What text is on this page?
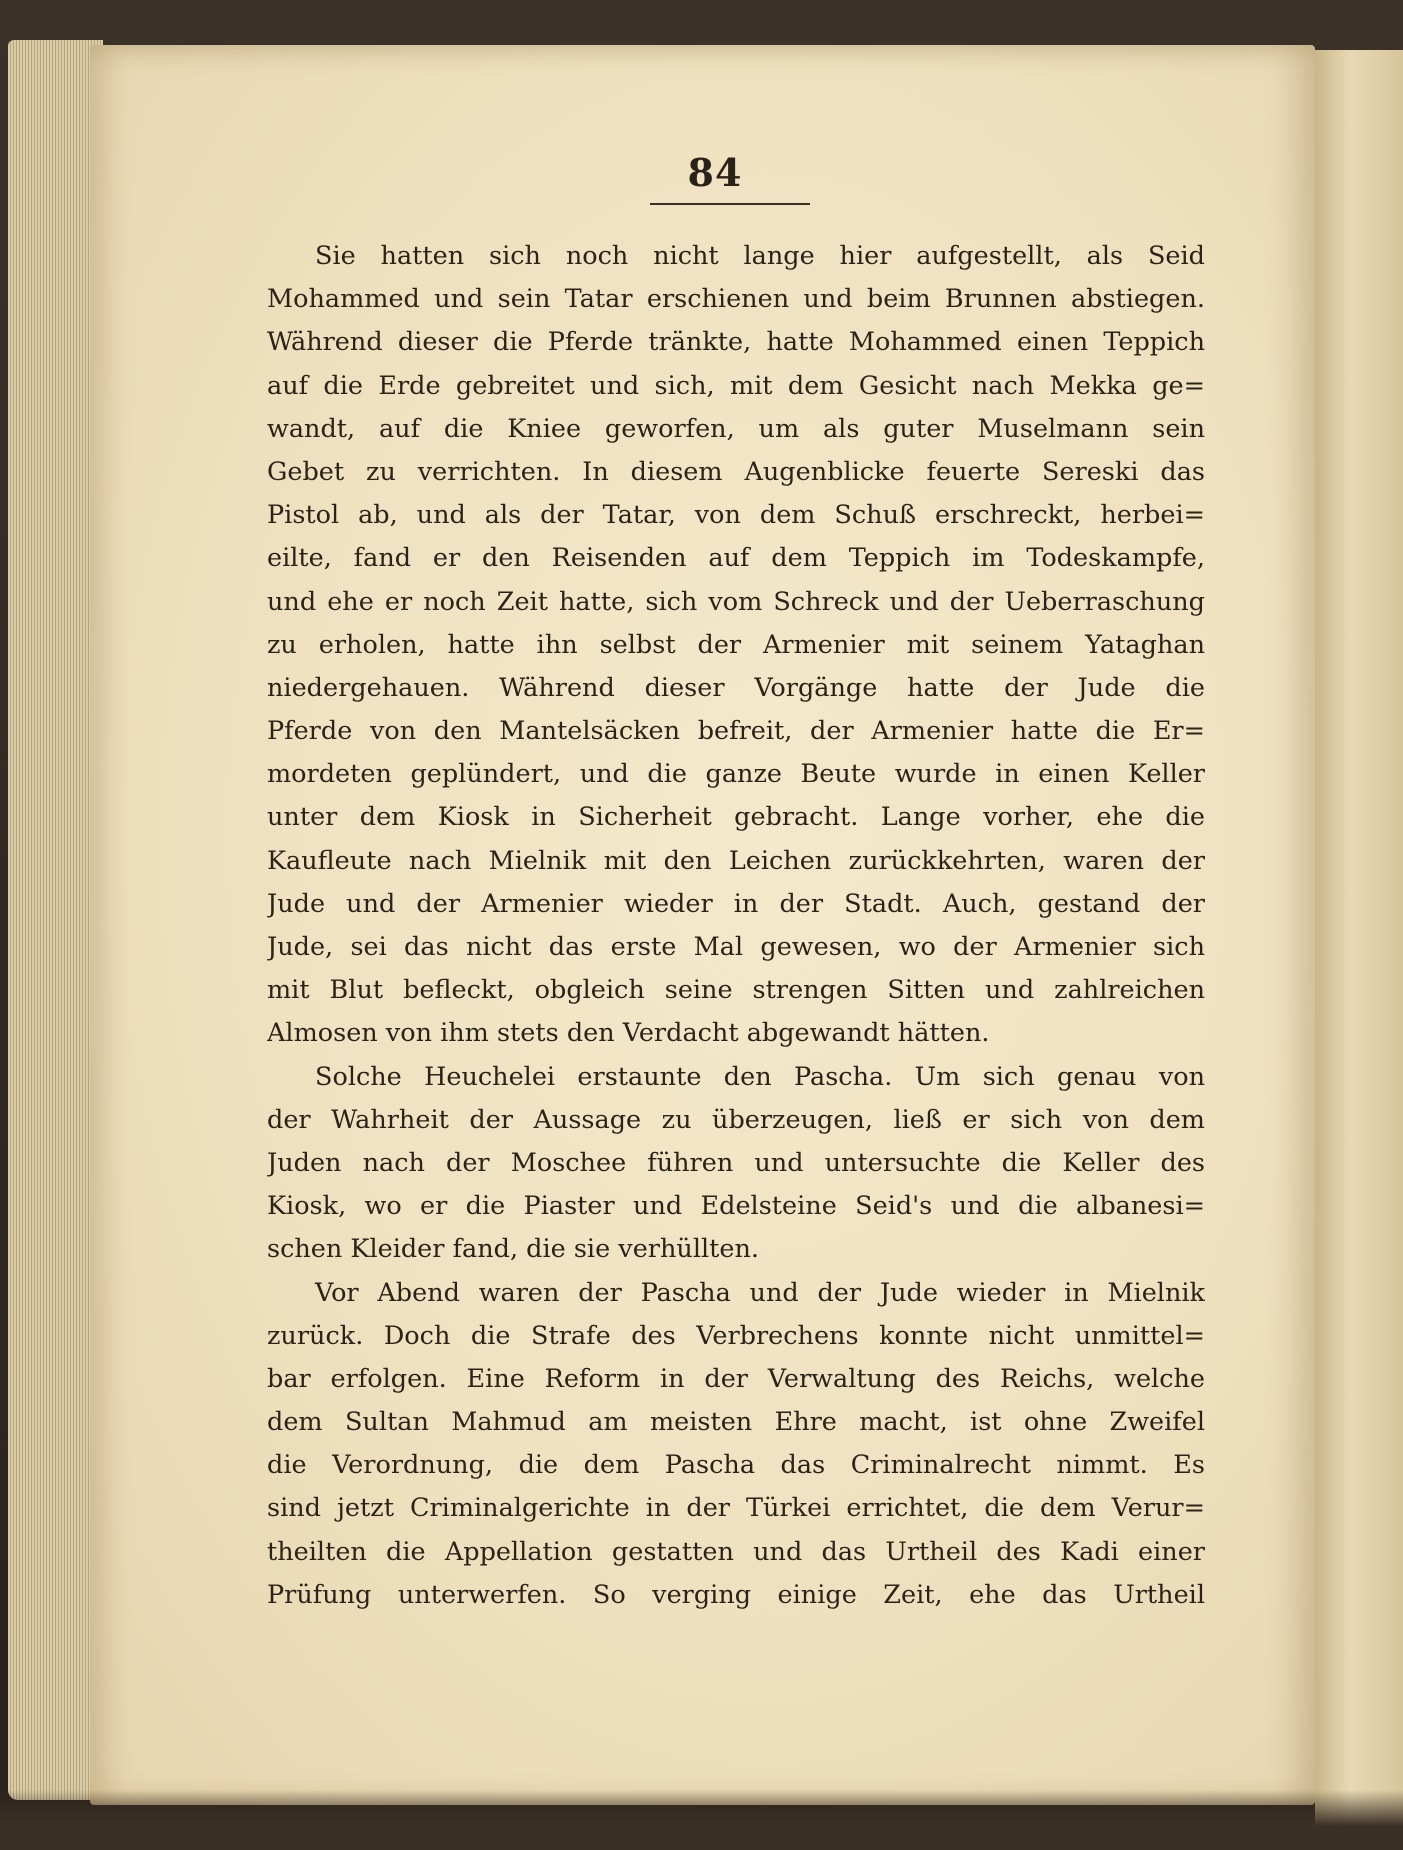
84
Sie hatten sich noch nicht lange hier aufgestellt, als Seid
Mohammed und sein Tatar erschienen und beim Brunnen abstiegen.
Während dieser die Pferde tränkte, hatte Mohammed einen Teppich
auf die Erde gebreitet und sich, mit dem Gesicht nach Mekka ge=
wandt, auf die Kniee geworfen, um als guter Muselmann sein
Gebet zu verrichten. In diesem Augenblicke feuerte Sereski das
Pistol ab, und als der Tatar, von dem Schuß erschreckt, herbei=
eilte, fand er den Reisenden auf dem Teppich im Todeskampfe,
und ehe er noch Zeit hatte, sich vom Schreck und der Ueberraschung
zu erholen, hatte ihn selbst der Armenier mit seinem Yataghan
niedergehauen. Während dieser Vorgänge hatte der Jude die
Pferde von den Mantelsäcken befreit, der Armenier hatte die Er=
mordeten geplündert, und die ganze Beute wurde in einen Keller
unter dem Kiosk in Sicherheit gebracht. Lange vorher, ehe die
Kaufleute nach Mielnik mit den Leichen zurückkehrten, waren der
Jude und der Armenier wieder in der Stadt. Auch, gestand der
Jude, sei das nicht das erste Mal gewesen, wo der Armenier sich
mit Blut befleckt, obgleich seine strengen Sitten und zahlreichen
Almosen von ihm stets den Verdacht abgewandt hätten.
Solche Heuchelei erstaunte den Pascha. Um sich genau von
der Wahrheit der Aussage zu überzeugen, ließ er sich von dem
Juden nach der Moschee führen und untersuchte die Keller des
Kiosk, wo er die Piaster und Edelsteine Seid's und die albanesi=
schen Kleider fand, die sie verhüllten.
Vor Abend waren der Pascha und der Jude wieder in Mielnik
zurück. Doch die Strafe des Verbrechens konnte nicht unmittel=
bar erfolgen. Eine Reform in der Verwaltung des Reichs, welche
dem Sultan Mahmud am meisten Ehre macht, ist ohne Zweifel
die Verordnung, die dem Pascha das Criminalrecht nimmt. Es
sind jetzt Criminalgerichte in der Türkei errichtet, die dem Verur=
theilten die Appellation gestatten und das Urtheil des Kadi einer
Prüfung unterwerfen. So verging einige Zeit, ehe das Urtheil
